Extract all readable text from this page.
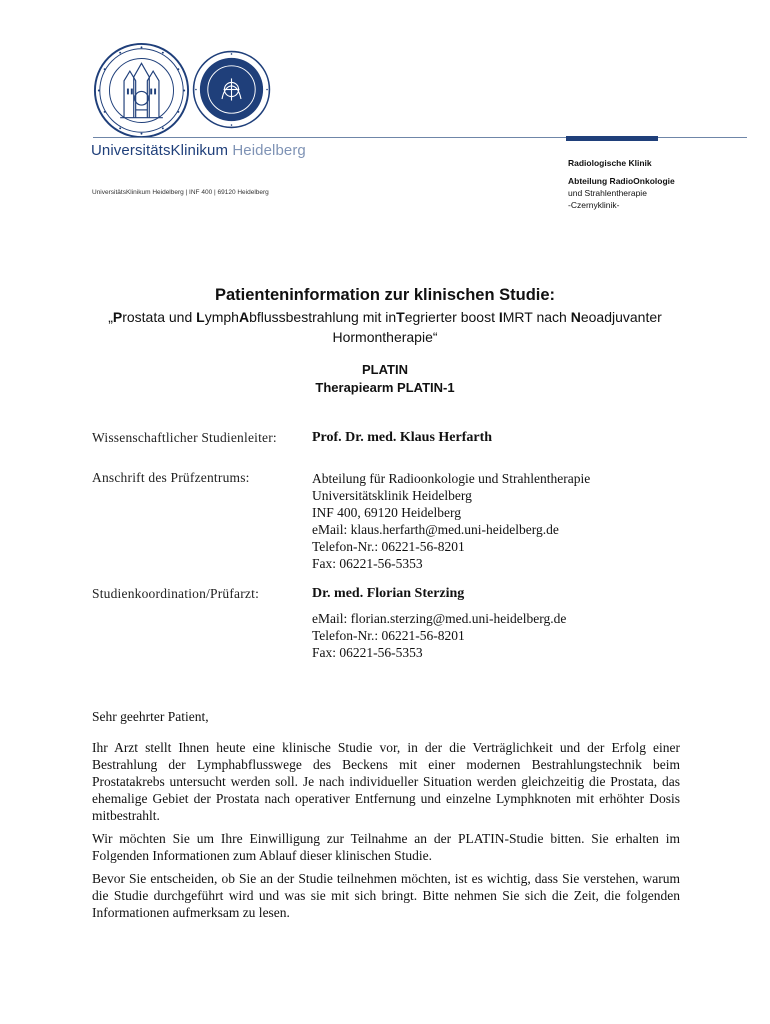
UniversitätsKlinikum Heidelberg
UniversitätsKlinikum Heidelberg | INF 400 | 69120 Heidelberg
Radiologische Klinik
Abteilung RadioOnkologie
und Strahlentherapie
-Czernyklinik-
Patienteninformation zur klinischen Studie:
„Prostata und LymphAbflussbestrahlung mit inTegrierter boost IMRT nach Neoadjuvanter
Hormontherapie“
PLATIN
Therapiearm PLATIN-1
Wissenschaftlicher Studienleiter:	Prof. Dr. med. Klaus Herfarth
Anschrift des Prüfzentrums:	Abteilung für Radioonkologie und Strahlentherapie
Universitätsklinik Heidelberg
INF 400, 69120 Heidelberg
eMail: klaus.herfarth@med.uni-heidelberg.de
Telefon-Nr.: 06221-56-8201
Fax: 06221-56-5353
Studienkoordination/Prüfarzt:	Dr. med. Florian Sterzing
eMail: florian.sterzing@med.uni-heidelberg.de
Telefon-Nr.: 06221-56-8201
Fax: 06221-56-5353

Sehr geehrter Patient,

Ihr Arzt stellt Ihnen heute eine klinische Studie vor, in der die Verträglichkeit und der Erfolg einer Bestrahlung der Lymphabflusswege des Beckens mit einer modernen Bestrahlungstechnik beim Prostatakrebs untersucht werden soll. Je nach individueller Situation werden gleichzeitig die Prostata, das ehemalige Gebiet der Prostata nach operativer Entfernung und einzelne Lymphknoten mit erhöhter Dosis mitbestrahlt.

Wir möchten Sie um Ihre Einwilligung zur Teilnahme an der PLATIN-Studie bitten. Sie erhalten im Folgenden Informationen zum Ablauf dieser klinischen Studie.

Bevor Sie entscheiden, ob Sie an der Studie teilnehmen möchten, ist es wichtig, dass Sie verstehen, warum die Studie durchgeführt wird und was sie mit sich bringt. Bitte nehmen Sie sich die Zeit, die folgenden Informationen aufmerksam zu lesen.
